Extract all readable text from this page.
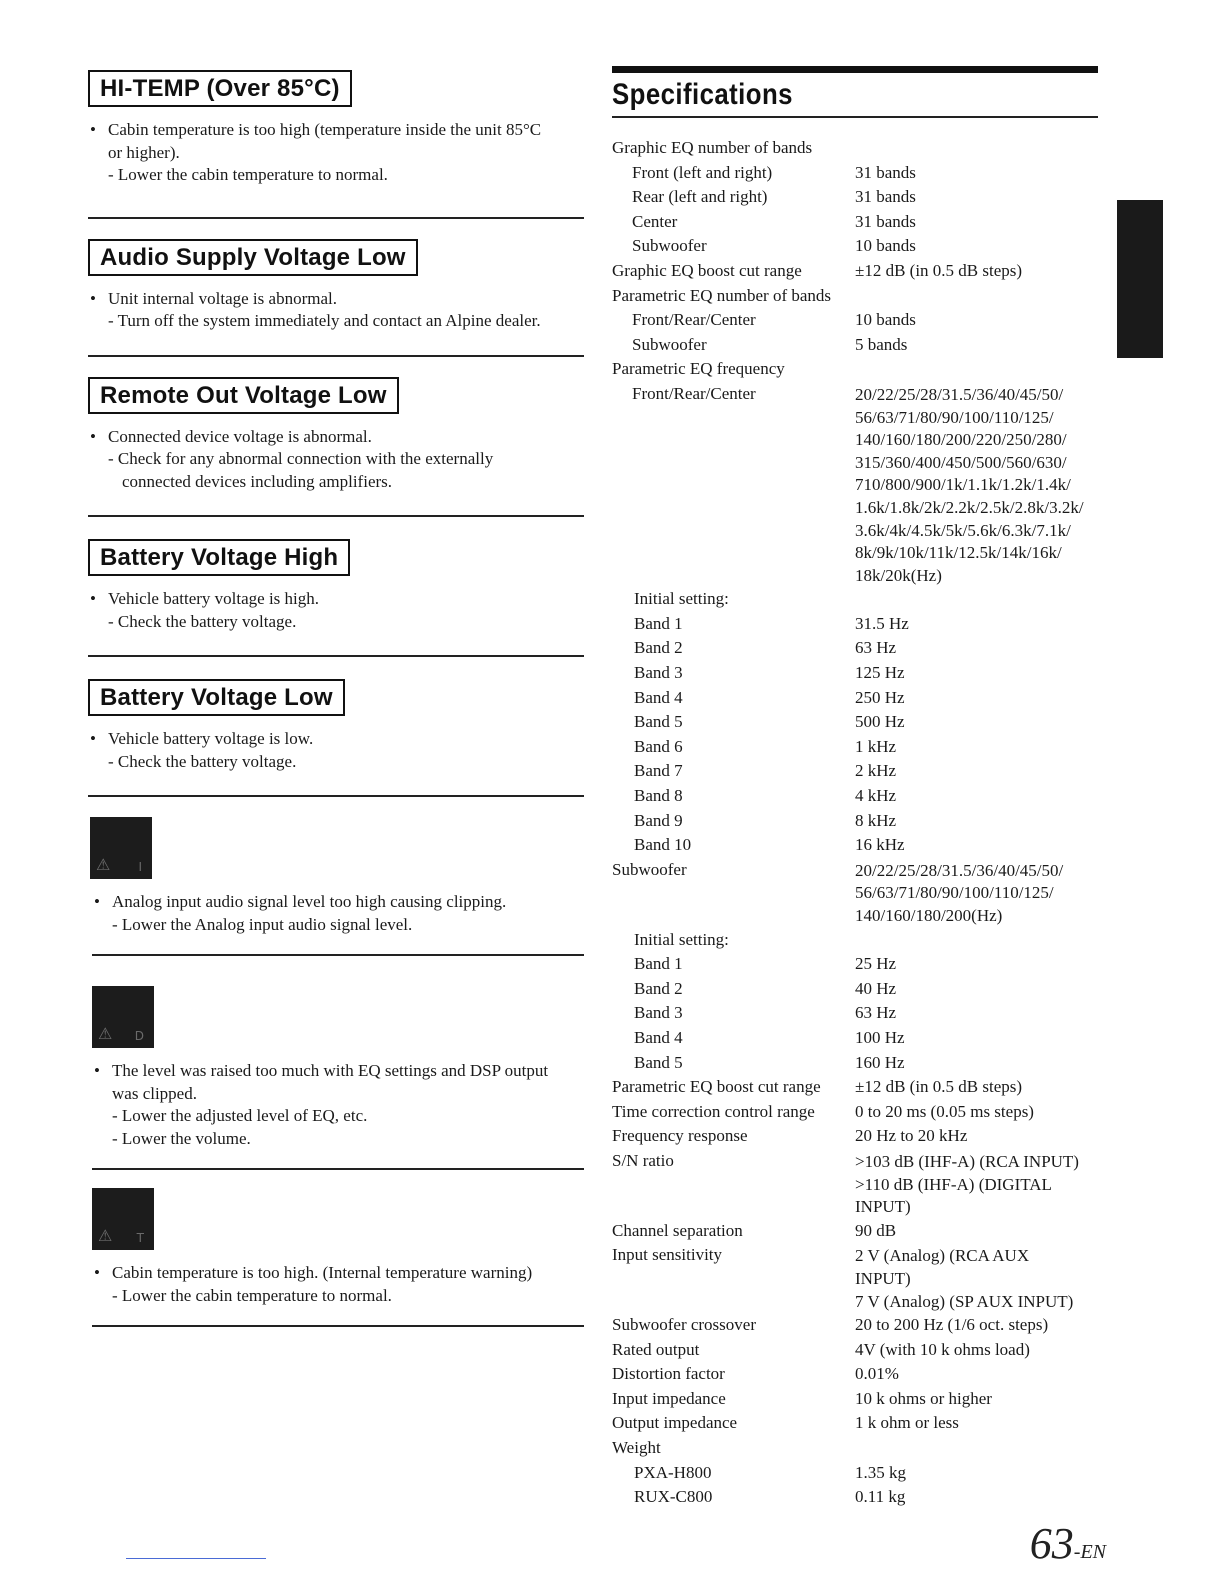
HI-TEMP (Over 85°C)
• Cabin temperature is too high (temperature inside the unit 85°C
or higher).
- Lower the cabin temperature to normal.
Audio Supply Voltage Low
• Unit internal voltage is abnormal.
- Turn off the system immediately and contact an Alpine dealer.
Remote Out Voltage Low
• Connected device voltage is abnormal.
- Check for any abnormal connection with the externally
connected devices including amplifiers.
Battery Voltage High
• Vehicle battery voltage is high.
- Check the battery voltage.
Battery Voltage Low
• Vehicle battery voltage is low.
- Check the battery voltage.
⚠ I
• Analog input audio signal level too high causing clipping.
- Lower the Analog input audio signal level.
⚠ D
• The level was raised too much with EQ settings and DSP output
was clipped.
- Lower the adjusted level of EQ, etc.
- Lower the volume.
⚠ T
• Cabin temperature is too high. (Internal temperature warning)
- Lower the cabin temperature to normal.
Specifications
Graphic EQ number of bands
Front (left and right)	31 bands
Rear (left and right)	31 bands
Center	31 bands
Subwoofer	10 bands
Graphic EQ boost cut range	±12 dB (in 0.5 dB steps)
Parametric EQ number of bands
Front/Rear/Center	10 bands
Subwoofer	5 bands
Parametric EQ frequency
Front/Rear/Center	20/22/25/28/31.5/36/40/45/50/
56/63/71/80/90/100/110/125/
140/160/180/200/220/250/280/
315/360/400/450/500/560/630/
710/800/900/1k/1.1k/1.2k/1.4k/
1.6k/1.8k/2k/2.2k/2.5k/2.8k/3.2k/
3.6k/4k/4.5k/5k/5.6k/6.3k/7.1k/
8k/9k/10k/11k/12.5k/14k/16k/
18k/20k(Hz)
Initial setting:
Band 1	31.5 Hz
Band 2	63 Hz
Band 3	125 Hz
Band 4	250 Hz
Band 5	500 Hz
Band 6	1 kHz
Band 7	2 kHz
Band 8	4 kHz
Band 9	8 kHz
Band 10	16 kHz
Subwoofer	20/22/25/28/31.5/36/40/45/50/
56/63/71/80/90/100/110/125/
140/160/180/200(Hz)
Initial setting:
Band 1	25 Hz
Band 2	40 Hz
Band 3	63 Hz
Band 4	100 Hz
Band 5	160 Hz
Parametric EQ boost cut range ±12 dB (in 0.5 dB steps)
Time correction control range 0 to 20 ms (0.05 ms steps)
Frequency response	20 Hz to 20 kHz
S/N ratio	>103 dB (IHF-A) (RCA INPUT)
>110 dB (IHF-A) (DIGITAL
INPUT)
Channel separation	90 dB
Input sensitivity	2 V (Analog) (RCA AUX
INPUT)
7 V (Analog) (SP AUX INPUT)
Subwoofer crossover	20 to 200 Hz (1/6 oct. steps)
Rated output	4V (with 10 k ohms load)
Distortion factor	0.01%
Input impedance	10 k ohms or higher
Output impedance	1 k ohm or less
Weight
PXA-H800	1.35 kg
RUX-C800	0.11 kg
63-EN
